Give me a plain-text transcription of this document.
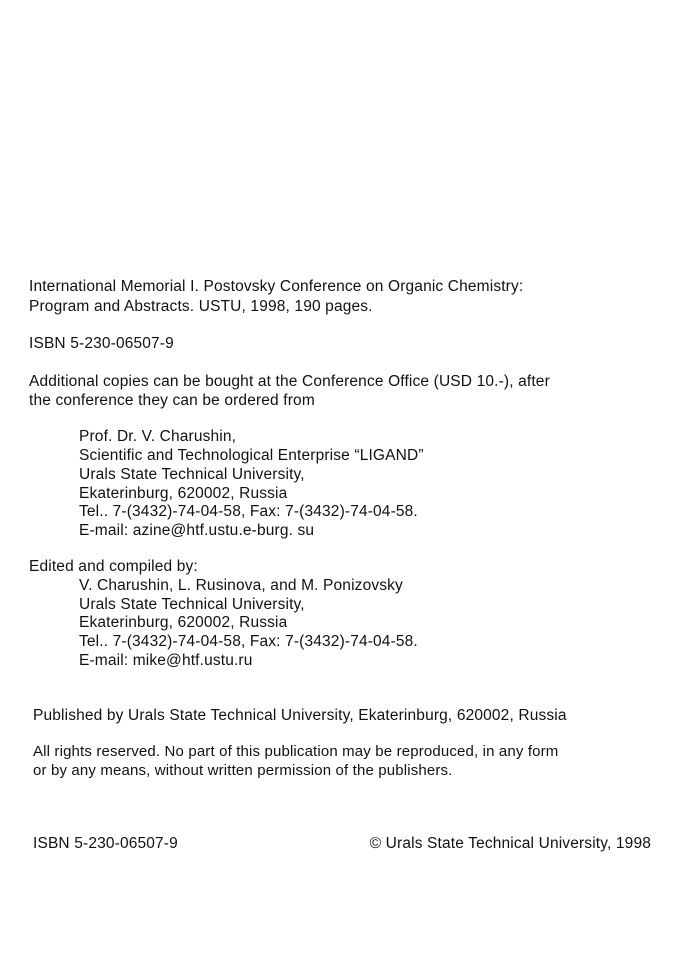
International Memorial I. Postovsky Conference on Organic Chemistry:

Program and Abstracts. USTU, 1998, 190 pages.

ISBN 5-230-06507-9

Additional copies can be bought at the Conference Office (USD 10.-), after

the conference they can be ordered from

Prof. Dr. V. Charushin,

Scientific and Technological Enterprise “LIGAND”

Urals State Technical University,

Ekaterinburg, 620002, Russia

Tel.. 7-(3432)-74-04-58, Fax: 7-(3432)-74-04-58.

E-mail: azine@htf.ustu.e-burg. su

Edited and compiled by:

V. Charushin, L. Rusinova, and M. Ponizovsky

Urals State Technical University,

Ekaterinburg, 620002, Russia

Tel.. 7-(3432)-74-04-58, Fax: 7-(3432)-74-04-58.

E-mail: mike@htf.ustu.ru

Published by Urals State Technical University, Ekaterinburg, 620002, Russia

All rights reserved. No part of this publication may be reproduced, in any form

or by any means, without written permission of the publishers.

ISBN 5-230-06507-9	© Urals State Technical University, 1998
